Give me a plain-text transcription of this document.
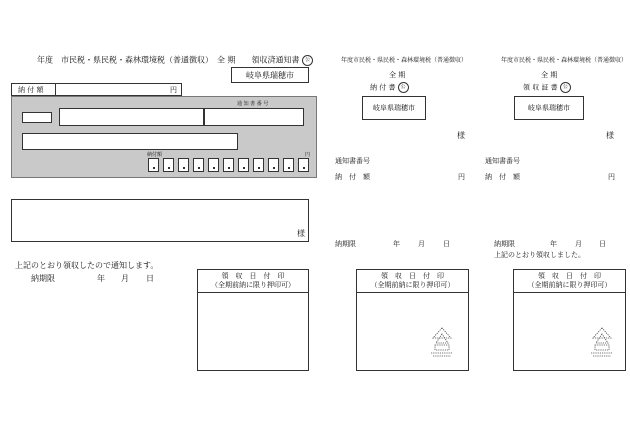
年度　市民税・県民税・森林環境税（普通徴収）　全 期　　領収済通知書 公
岐阜県瑞穂市
納 付 額	円
通 知 書 番 号
納付額	円
様
上記のとおり領収したので通知します。
納期限	年 月 日	領　収　日　付　印
（全期前納に限り押印可）
年度市民税・県民税・森林環境税（普通徴収）
全 期
納 付 書 公
岐阜県瑞穂市
様
通知書番号
納　付　額	円
納期限	年	月	日
領　収　日　付　印
（全期前納に限り押印可）
年度市民税・県民税・森林環境税（普通徴収）
全 期
領 収 証 書 公
岐阜県瑞穂市
様
通知書番号
納　付　額	円
納期限	年	月 日
上記のとおり領収しました。
領　収　日　付　印
（全期前納に限り押印可）
